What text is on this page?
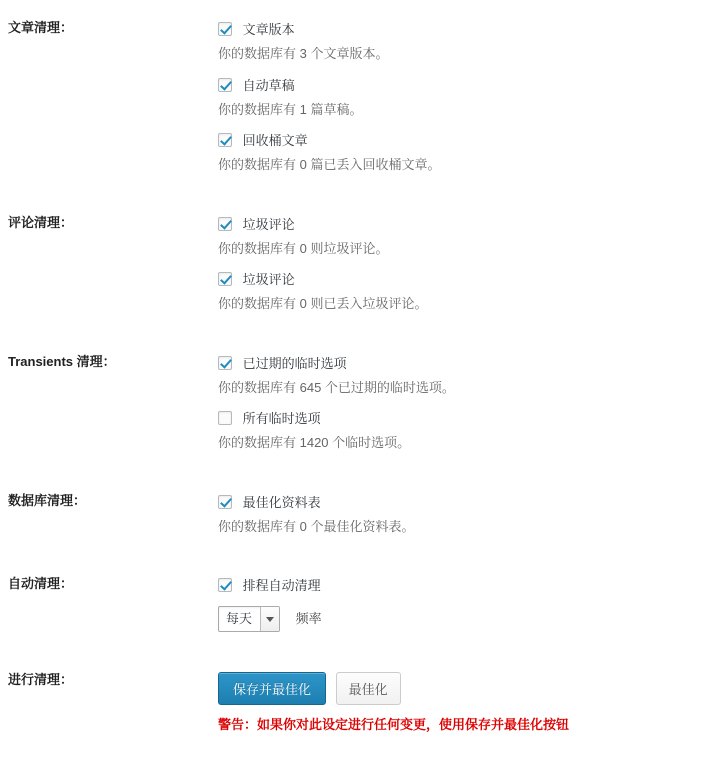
文章清理：	文章版本

你的数据库有 3 个文章版本。

自动草稿

你的数据库有 1 篇草稿。

回收桶文章

你的数据库有 0 篇已丢入回收桶文章。

评论清理：	垃圾评论

你的数据库有 0 则垃圾评论。

垃圾评论

你的数据库有 0 则已丢入垃圾评论。

Transients 清理：	已过期的临时选项

你的数据库有 645 个已过期的临时选项。

所有临时选项

你的数据库有 1420 个临时选项。

数据库清理：	最佳化资料表

你的数据库有 0 个最佳化资料表。

自动清理：	排程自动清理
每天
频率

进行清理：	保存并最佳化 最佳化

警告：如果你对此设定进行任何变更，使用保存并最佳化按钮
